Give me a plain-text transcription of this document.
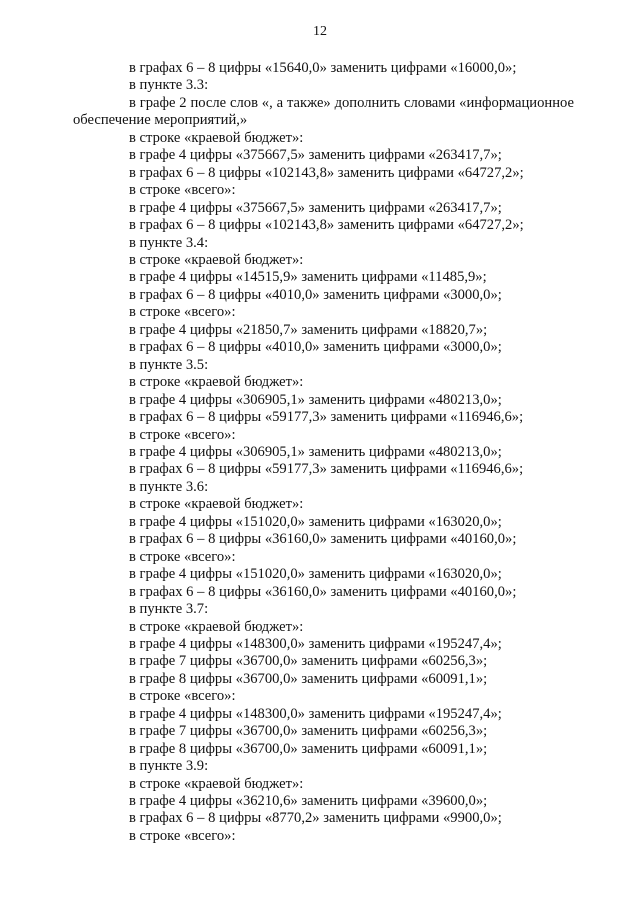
12
в графах 6 – 8 цифры «15640,0» заменить цифрами «16000,0»;
в пункте 3.3:
в графе 2 после слов «, а также» дополнить словами «информационное
обеспечение мероприятий,»
в строке «краевой бюджет»:
в графе 4 цифры «375667,5» заменить цифрами «263417,7»;
в графах 6 – 8 цифры «102143,8» заменить цифрами «64727,2»;
в строке «всего»:
в графе 4 цифры «375667,5» заменить цифрами «263417,7»;
в графах 6 – 8 цифры «102143,8» заменить цифрами «64727,2»;
в пункте 3.4:
в строке «краевой бюджет»:
в графе 4 цифры «14515,9» заменить цифрами «11485,9»;
в графах 6 – 8 цифры «4010,0» заменить цифрами «3000,0»;
в строке «всего»:
в графе 4 цифры «21850,7» заменить цифрами «18820,7»;
в графах 6 – 8 цифры «4010,0» заменить цифрами «3000,0»;
в пункте 3.5:
в строке «краевой бюджет»:
в графе 4 цифры «306905,1» заменить цифрами «480213,0»;
в графах 6 – 8 цифры «59177,3» заменить цифрами «116946,6»;
в строке «всего»:
в графе 4 цифры «306905,1» заменить цифрами «480213,0»;
в графах 6 – 8 цифры «59177,3» заменить цифрами «116946,6»;
в пункте 3.6:
в строке «краевой бюджет»:
в графе 4 цифры «151020,0» заменить цифрами «163020,0»;
в графах 6 – 8 цифры «36160,0» заменить цифрами «40160,0»;
в строке «всего»:
в графе 4 цифры «151020,0» заменить цифрами «163020,0»;
в графах 6 – 8 цифры «36160,0» заменить цифрами «40160,0»;
в пункте 3.7:
в строке «краевой бюджет»:
в графе 4 цифры «148300,0» заменить цифрами «195247,4»;
в графе 7 цифры «36700,0» заменить цифрами «60256,3»;
в графе 8 цифры «36700,0» заменить цифрами «60091,1»;
в строке «всего»:
в графе 4 цифры «148300,0» заменить цифрами «195247,4»;
в графе 7 цифры «36700,0» заменить цифрами «60256,3»;
в графе 8 цифры «36700,0» заменить цифрами «60091,1»;
в пункте 3.9:
в строке «краевой бюджет»:
в графе 4 цифры «36210,6» заменить цифрами «39600,0»;
в графах 6 – 8 цифры «8770,2» заменить цифрами «9900,0»;
в строке «всего»:
